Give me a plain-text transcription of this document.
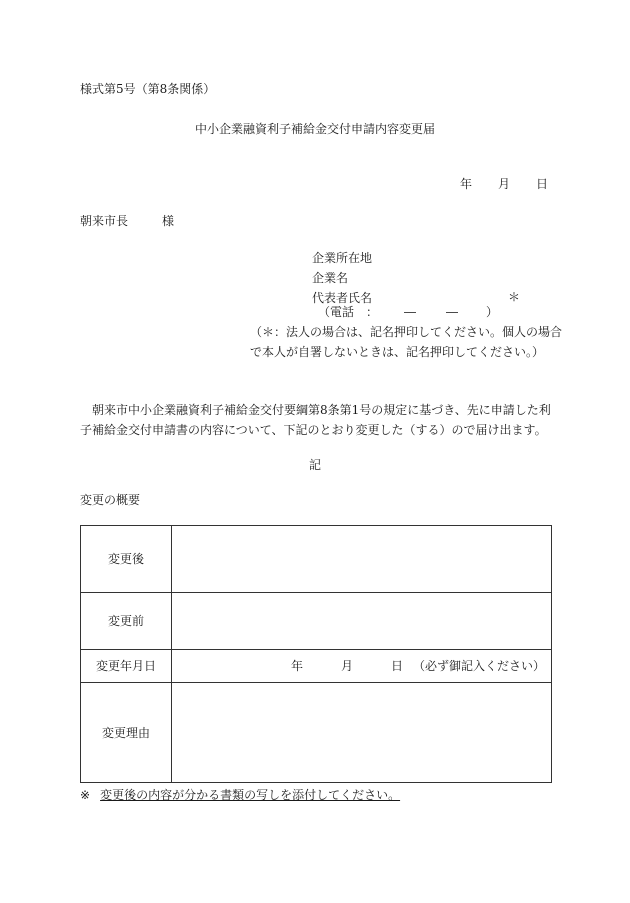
様式第5号（第8条関係）
中小企業融資利子補給金交付申請内容変更届
年 月 日
朝来市長	様
企業所在地
企業名
代表者氏名	＊
（電話 ： ―	― ）
（＊：法人の場合は、記名押印してください。個人の場合
で本人が自署しないときは、記名押印してください。）
朝来市中小企業融資利子補給金交付要綱第8条第1号の規定に基づき、先に申請した利子補給金交付申請書の内容について、下記のとおり変更した（する）ので届け出ます。
記
変更の概要
変更後	
変更前	
変更年月日	年 月 日 （必ず御記入ください）
変更理由	
※ 変更後の内容が分かる書類の写しを添付してください。
